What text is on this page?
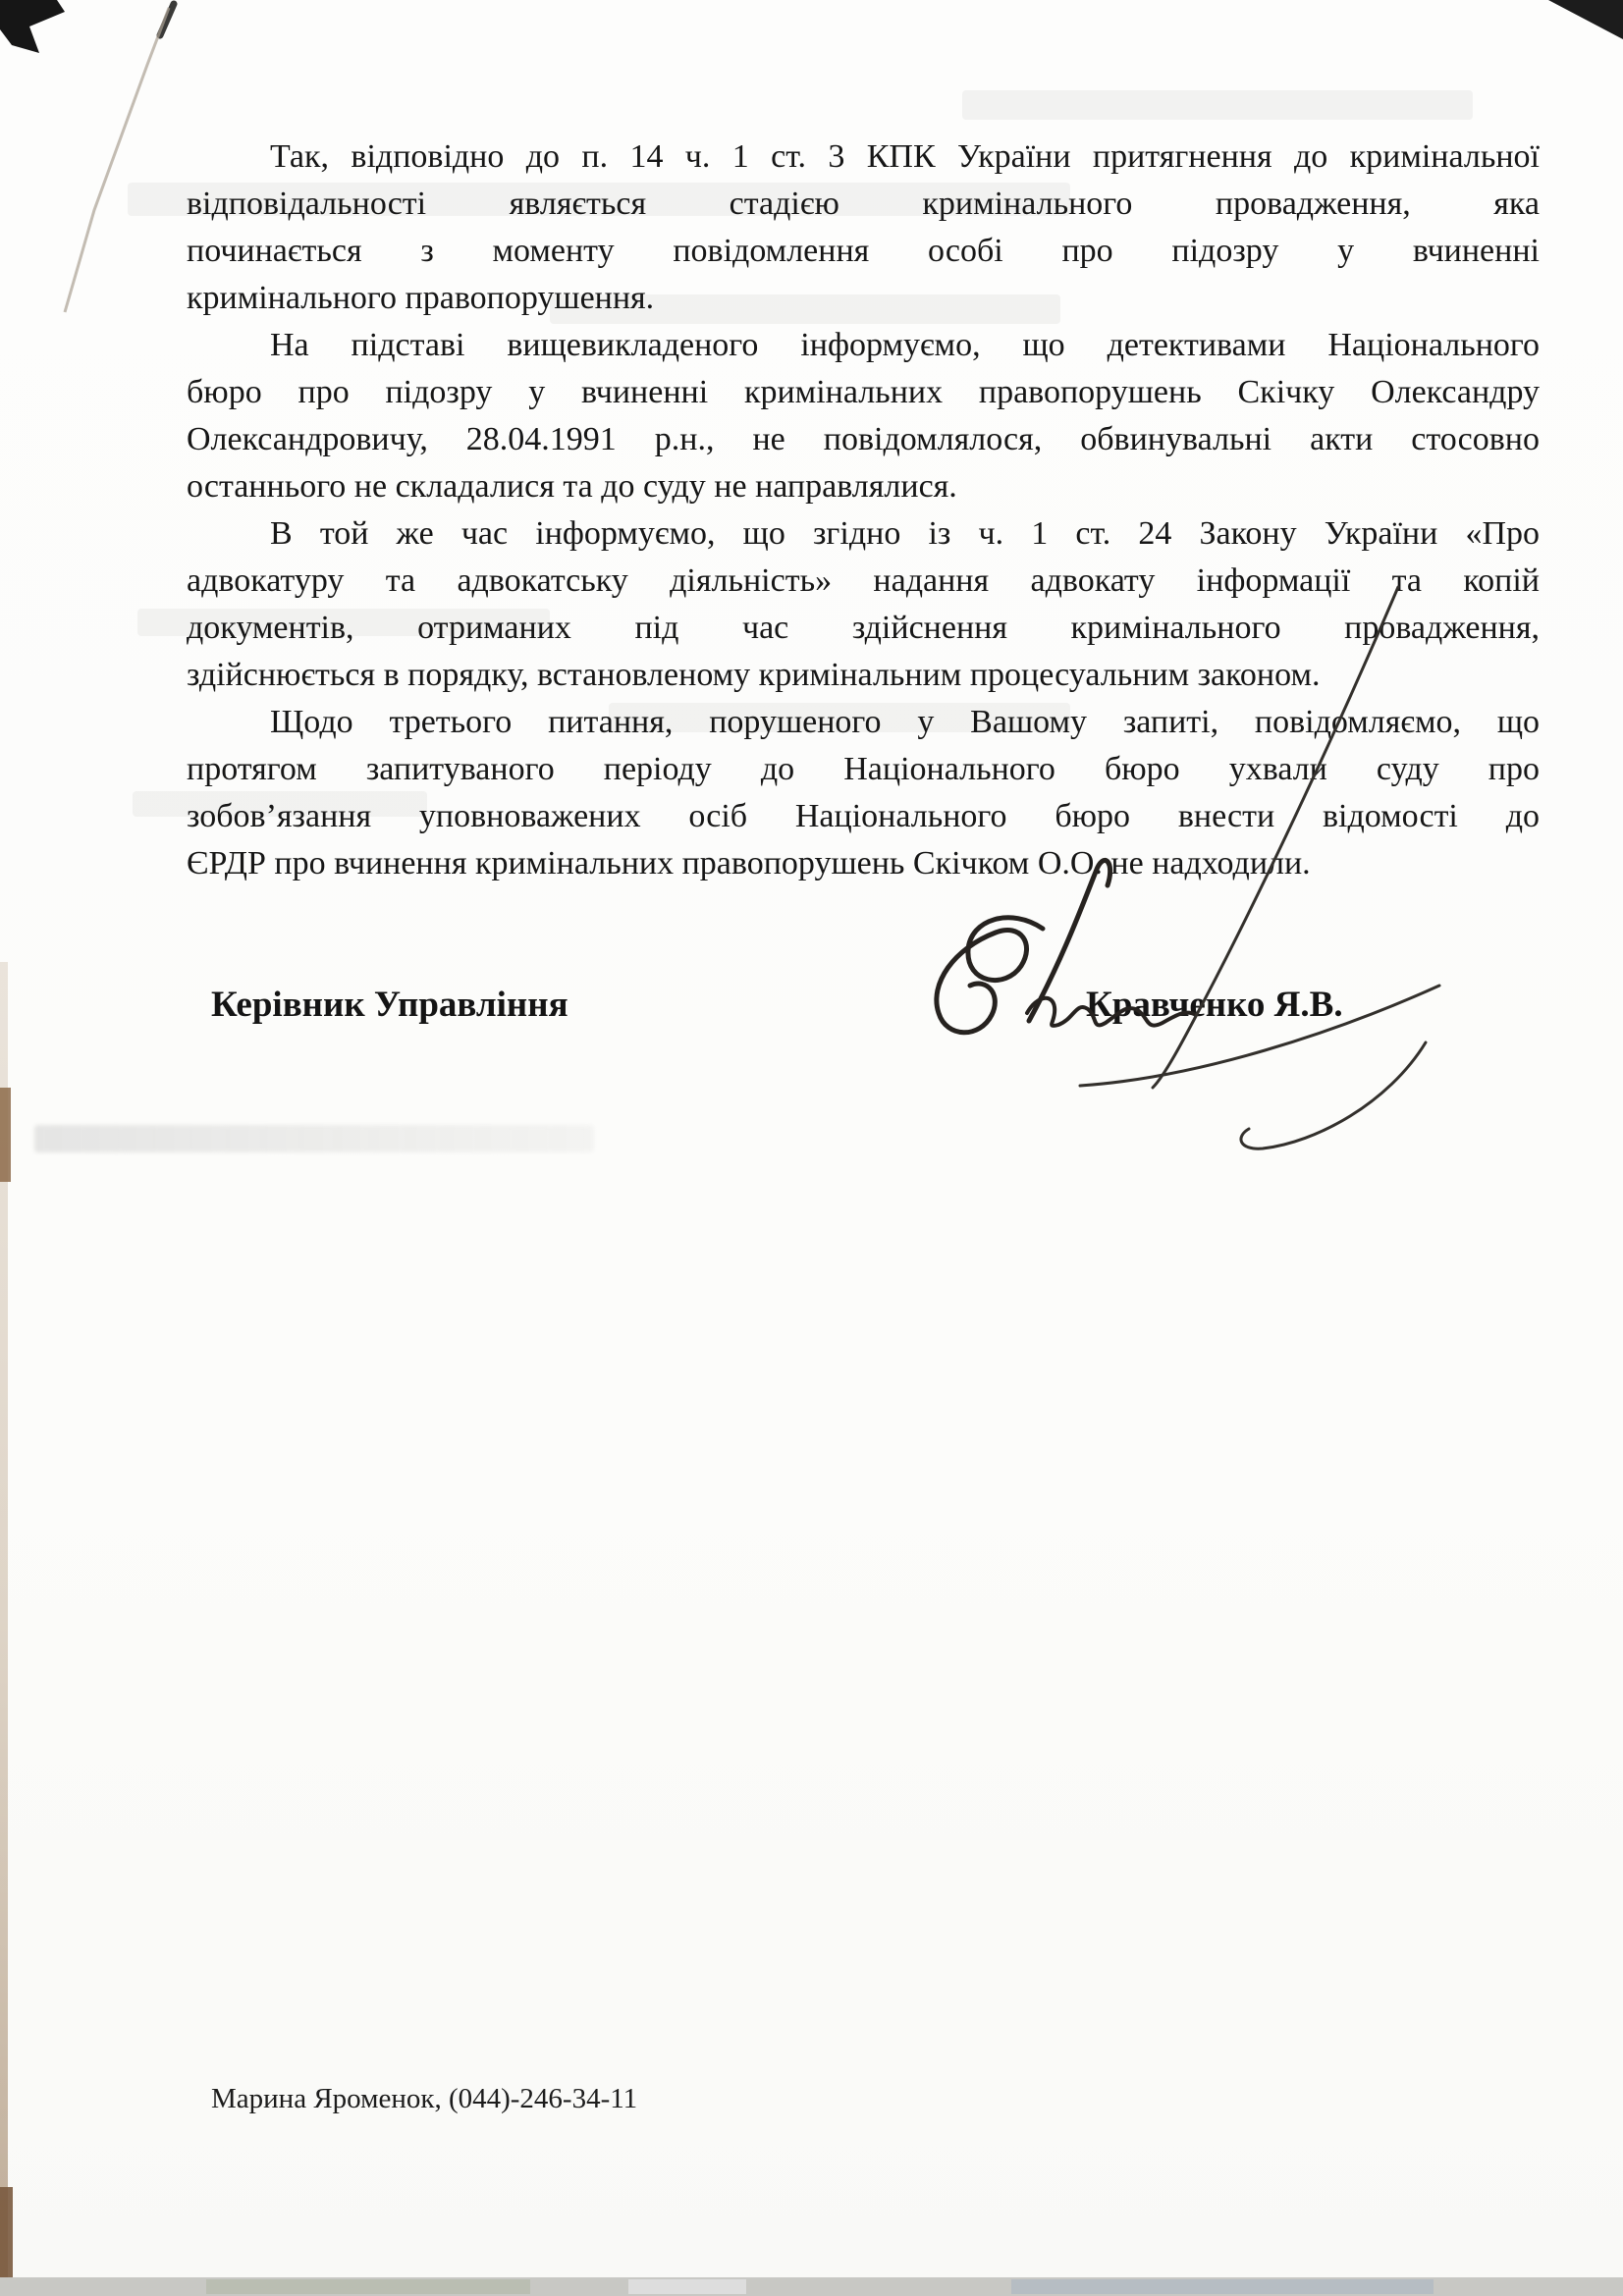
Так, відповідно до п. 14 ч. 1 ст. 3 КПК України притягнення до кримінальної
відповідальності являється стадією кримінального провадження, яка
починається з моменту повідомлення особі про підозру у вчиненні
кримінального правопорушення.
На підставі вищевикладеного інформуємо, що детективами Національного
бюро про підозру у вчиненні кримінальних правопорушень Скічку Олександру
Олександровичу, 28.04.1991 р.н., не повідомлялося, обвинувальні акти стосовно
останнього не складалися та до суду не направлялися.
В той же час інформуємо, що згідно із ч. 1 ст. 24 Закону України «Про
адвокатуру та адвокатську діяльність» надання адвокату інформації та копій
документів, отриманих під час здійснення кримінального провадження,
здійснюється в порядку, встановленому кримінальним процесуальним законом.
Щодо третього питання, порушеного у Вашому запиті, повідомляємо, що
протягом запитуваного періоду до Національного бюро ухвали суду про
зобов’язання уповноважених осіб Національного бюро внести відомості до
ЄРДР про вчинення кримінальних правопорушень Скічком О.О. не надходили.
Керівник Управління	Кравченко Я.В.
Марина Яроменок, (044)-246-34-11
